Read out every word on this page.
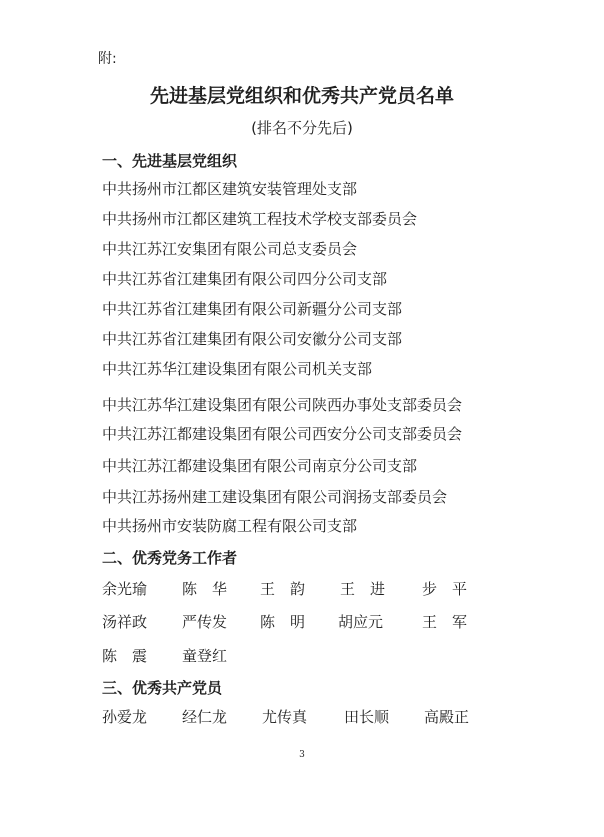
附:
先进基层党组织和优秀共产党员名单
(排名不分先后)
一、先进基层党组织
中共扬州市江都区建筑安装管理处支部
中共扬州市江都区建筑工程技术学校支部委员会
中共江苏江安集团有限公司总支委员会
中共江苏省江建集团有限公司四分公司支部
中共江苏省江建集团有限公司新疆分公司支部
中共江苏省江建集团有限公司安徽分公司支部
中共江苏华江建设集团有限公司机关支部
中共江苏华江建设集团有限公司陕西办事处支部委员会
中共江苏江都建设集团有限公司西安分公司支部委员会
中共江苏江都建设集团有限公司南京分公司支部
中共江苏扬州建工建设集团有限公司润扬支部委员会
中共扬州市安装防腐工程有限公司支部
二、优秀党务工作者
余光瑜 陈　华 王　韵 王　进 步　平
汤祥政 严传发 陈　明 胡应元	王　军
陈　震 童登红
三、优秀共产党员
孙爱龙 经仁龙 尤传真 田长顺 高殿正
3
